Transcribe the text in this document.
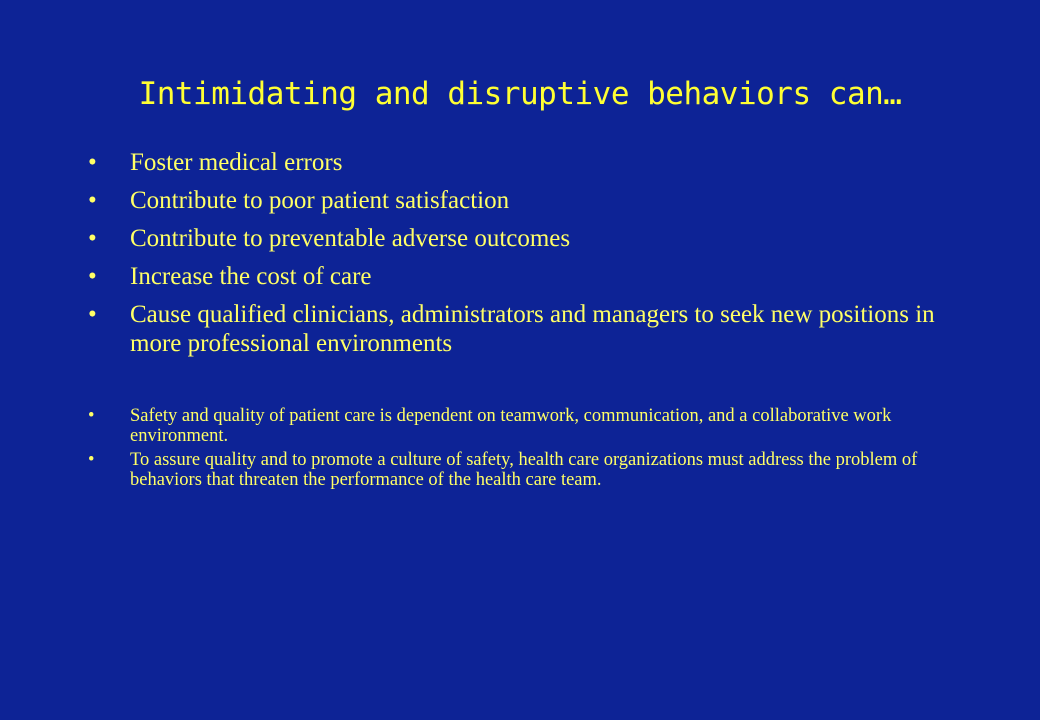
Intimidating and disruptive behaviors can…
• Foster medical errors
• Contribute to poor patient satisfaction
• Contribute to preventable adverse outcomes
• Increase the cost of care
• Cause qualified clinicians, administrators and managers to seek new positions in more professional environments
• Safety and quality of patient care is dependent on teamwork, communication, and a collaborative work environment.
• To assure quality and to promote a culture of safety, health care organizations must address the problem of behaviors that threaten the performance of the health care team.
